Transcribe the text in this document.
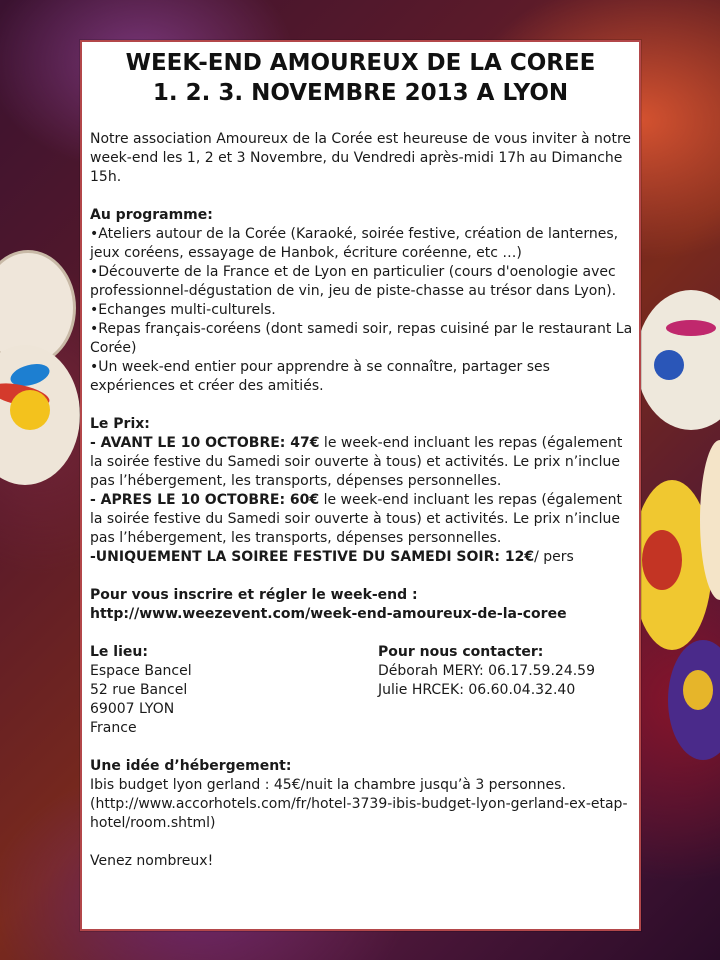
WEEK-END AMOUREUX DE LA COREE
1. 2. 3. NOVEMBRE 2013 A LYON

Notre association Amoureux de la Corée est heureuse de vous inviter à notre week-end les 1, 2 et 3 Novembre, du Vendredi après-midi 17h au Dimanche 15h.

Au programme:

•Ateliers autour de la Corée (Karaoké, soirée festive, création de lanternes, jeux coréens, essayage de Hanbok, écriture coréenne, etc …)

•Découverte de la France et de Lyon en particulier (cours d'oenologie avec professionnel-dégustation de vin, jeu de piste-chasse au trésor dans Lyon).

•Echanges multi-culturels.

•Repas français-coréens (dont samedi soir, repas cuisiné par le restaurant La Corée)

•Un week-end entier pour apprendre à se connaître, partager ses expériences et créer des amitiés.

Le Prix:

- AVANT LE 10 OCTOBRE: 47€ le week-end incluant les repas (également la soirée festive du Samedi soir ouverte à tous) et activités. Le prix n’inclue pas l’hébergement, les transports, dépenses personnelles.

- APRES LE 10 OCTOBRE: 60€ le week-end incluant les repas (également la soirée festive du Samedi soir ouverte à tous) et activités. Le prix n’inclue pas l’hébergement, les transports, dépenses personnelles.

-UNIQUEMENT LA SOIREE FESTIVE DU SAMEDI SOIR: 12€/ pers

Pour vous inscrire et régler le week-end :

http://www.weezevent.com/week-end-amoureux-de-la-coree

Le lieu:

Espace Bancel

52 rue Bancel

69007 LYON

France

Pour nous contacter:

Déborah MERY: 06.17.59.24.59

Julie HRCEK: 06.60.04.32.40

Une idée d’hébergement:

Ibis budget lyon gerland : 45€/nuit la chambre jusqu’à 3 personnes.

(http://www.accorhotels.com/fr/hotel-3739-ibis-budget-lyon-gerland-ex-etap-hotel/room.shtml)

Venez nombreux!
